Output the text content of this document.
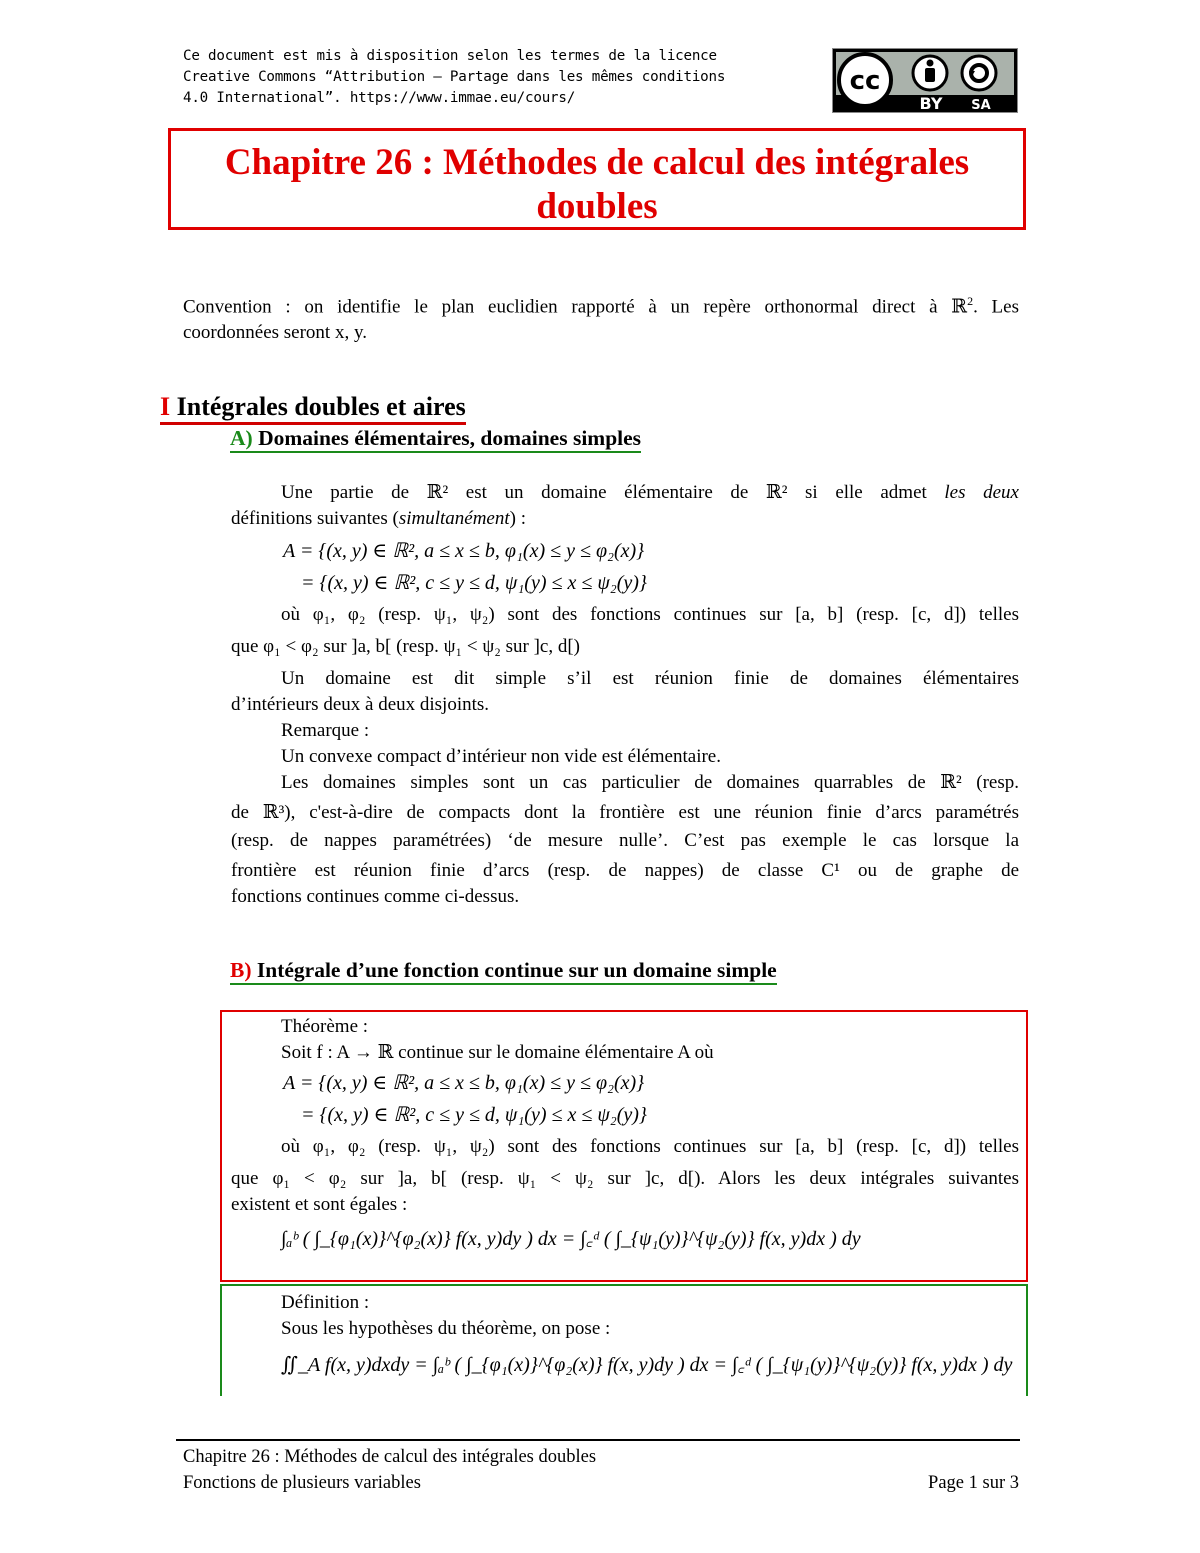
Ce document est mis à disposition selon les termes de la licence
Creative Commons “Attribution – Partage dans les mêmes conditions
4.0 International”. https://www.immae.eu/cours/
cc
BY SA
Chapitre 26 : Méthodes de calcul des intégrales
doubles
Convention : on identifie le plan euclidien rapporté à un repère orthonormal direct à ℝ$^2$. Les
coordonnées seront x, y.
I Intégrales doubles et aires
A) Domaines élémentaires, domaines simples
Une partie de ℝ² est un domaine élémentaire de ℝ² si elle admet les deux
définitions suivantes (simultanément) :
A = {(x, y) ∈ ℝ², a ≤ x ≤ b, φ₁(x) ≤ y ≤ φ₂(x)}
= {(x, y) ∈ ℝ², c ≤ y ≤ d, ψ₁(y) ≤ x ≤ ψ₂(y)}
où φ₁, φ₂ (resp. ψ₁, ψ₂) sont des fonctions continues sur [a, b] (resp. [c, d]) telles
que φ₁ < φ₂ sur ]a, b[ (resp. ψ₁ < ψ₂ sur ]c, d[)
Un domaine est dit simple s’il est réunion finie de domaines élémentaires
d’intérieurs deux à deux disjoints.
Remarque :
Un convexe compact d’intérieur non vide est élémentaire.
Les domaines simples sont un cas particulier de domaines quarrables de ℝ² (resp.
de ℝ³), c'est-à-dire de compacts dont la frontière est une réunion finie d’arcs paramétrés
(resp. de nappes paramétrées) ‘de mesure nulle’. C’est pas exemple le cas lorsque la
frontière est réunion finie d’arcs (resp. de nappes) de classe C¹ ou de graphe de
fonctions continues comme ci-dessus.
B) Intégrale d’une fonction continue sur un domaine simple
Théorème :
Soit f : A → ℝ continue sur le domaine élémentaire A où
A = {(x, y) ∈ ℝ², a ≤ x ≤ b, φ₁(x) ≤ y ≤ φ₂(x)}
= {(x, y) ∈ ℝ², c ≤ y ≤ d, ψ₁(y) ≤ x ≤ ψ₂(y)}
où φ₁, φ₂ (resp. ψ₁, ψ₂) sont des fonctions continues sur [a, b] (resp. [c, d]) telles
que φ₁ < φ₂ sur ]a, b[ (resp. ψ₁ < ψ₂ sur ]c, d[). Alors les deux intégrales suivantes
existent et sont égales :
∫ₐᵇ ( ∫_{φ₁(x)}^{φ₂(x)} f(x, y)dy ) dx = ∫꜀ᵈ ( ∫_{ψ₁(y)}^{ψ₂(y)} f(x, y)dx ) dy
Définition :
Sous les hypothèses du théorème, on pose :
∬_A f(x, y)dxdy = ∫ₐᵇ ( ∫_{φ₁(x)}^{φ₂(x)} f(x, y)dy ) dx = ∫꜀ᵈ ( ∫_{ψ₁(y)}^{ψ₂(y)} f(x, y)dx ) dy
Chapitre 26 : Méthodes de calcul des intégrales doubles
Fonctions de plusieurs variables	Page 1 sur 3
